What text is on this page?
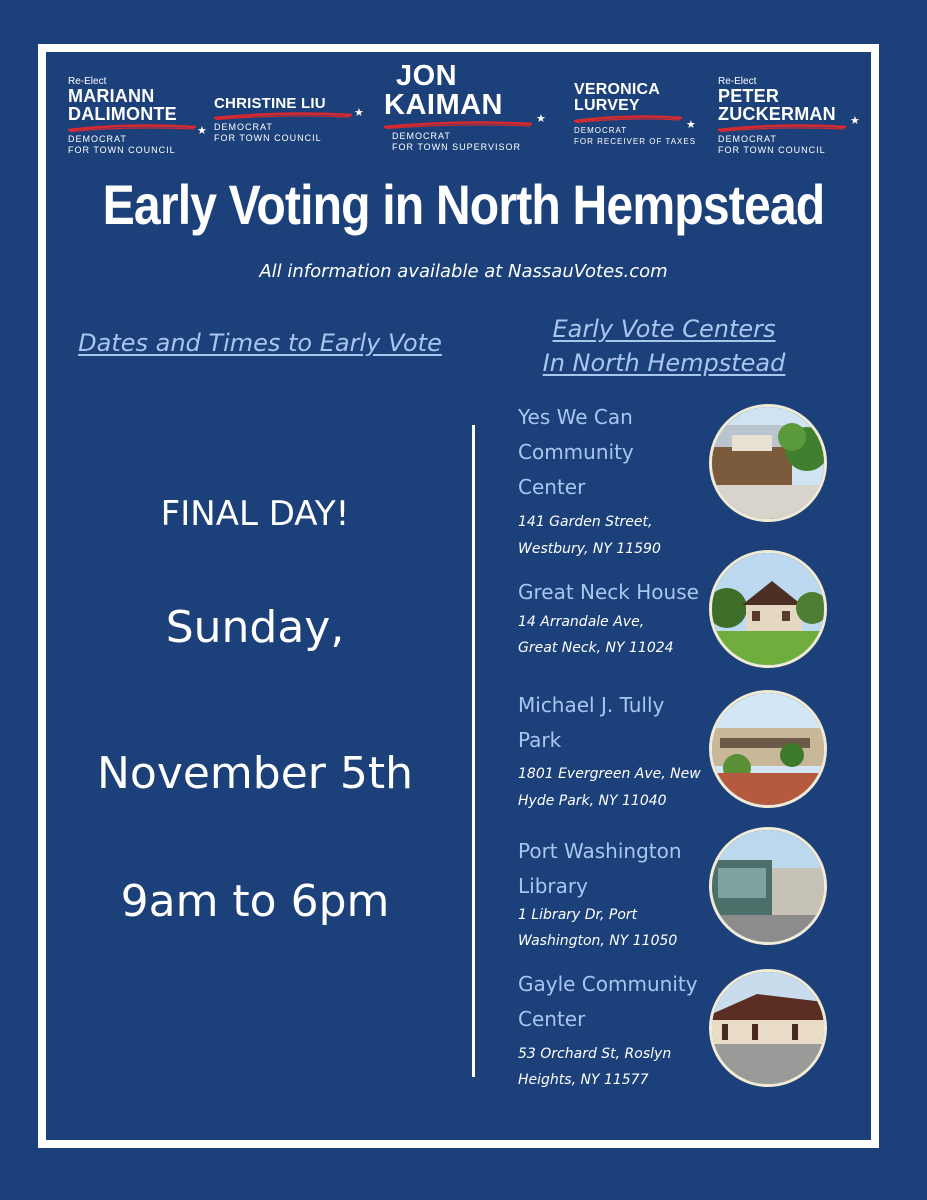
Re-Elect
MARIANN
DALIMONTE
DEMOCRAT
FOR TOWN COUNCIL
★
CHRISTINE LIU
DEMOCRAT
FOR TOWN COUNCIL
★
JON
KAIMAN
DEMOCRAT
FOR TOWN SUPERVISOR
★
VERONICA
LURVEY
DEMOCRAT
FOR RECEIVER OF TAXES
★
Re-Elect
PETER
ZUCKERMAN
DEMOCRAT
FOR TOWN COUNCIL
★
Early Voting in North Hempstead
All information available at NassauVotes.com
Dates and Times to Early Vote	Early Vote Centers
In North Hempstead
FINAL DAY!
Sunday,
November 5th
9am to 6pm
Yes We Can
Community
Center
141 Garden Street,
Westbury, NY 11590
Great Neck House
14 Arrandale Ave,
Great Neck, NY 11024
Michael J. Tully
Park
1801 Evergreen Ave, New
Hyde Park, NY 11040
Port Washington
Library
1 Library Dr, Port
Washington, NY 11050
Gayle Community
Center
53 Orchard St, Roslyn
Heights, NY 11577
